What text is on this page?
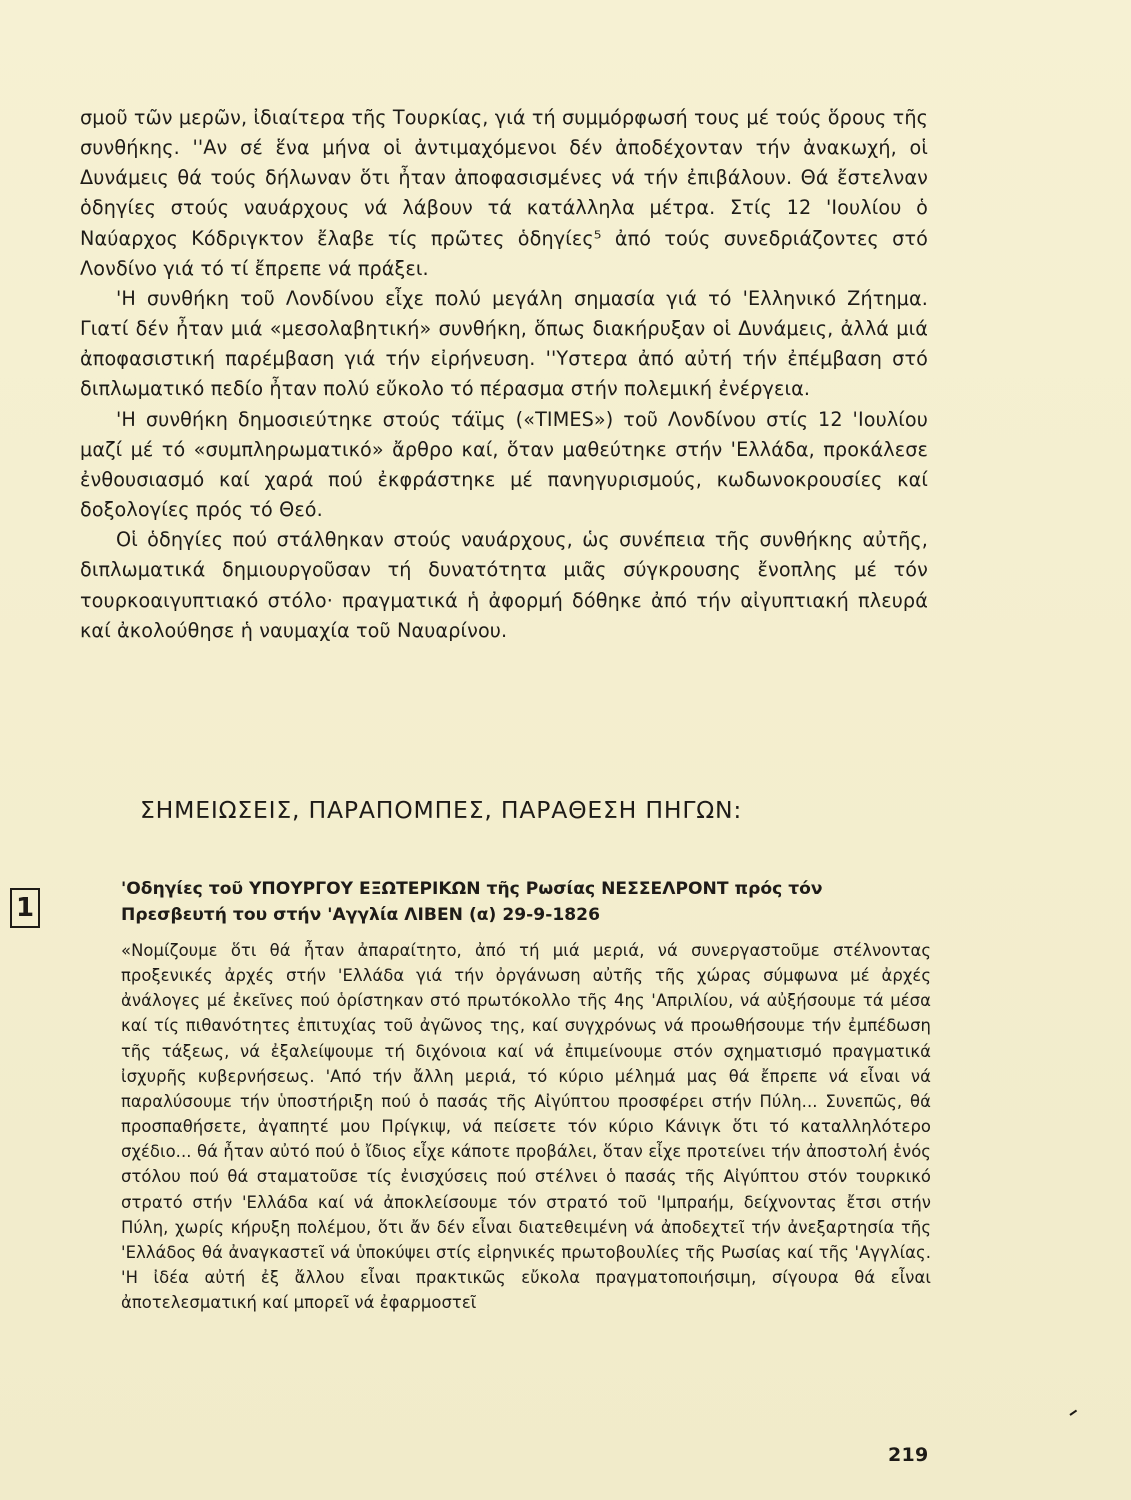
σμοῦ τῶν μερῶν, ἰδιαίτερα τῆς Τουρκίας, γιά τή συμμόρφωσή τους μέ τούς ὅρους τῆς συνθήκης. ''Αν σέ ἕνα μήνα οἱ ἀντιμαχόμενοι δέν ἀποδέχονταν τήν ἀνακωχή, οἱ Δυνάμεις θά τούς δήλωναν ὅτι ἦταν ἀποφασισμένες νά τήν ἐπιβάλουν. Θά ἔστελναν ὁδηγίες στούς ναυάρχους νά λάβουν τά κατάλληλα μέτρα. Στίς 12 'Ιουλίου ὁ Ναύαρχος Κόδριγκτον ἔλαβε τίς πρῶτες ὁδηγίες⁵ ἀπό τούς συνεδριάζοντες στό Λονδίνο γιά τό τί ἔπρεπε νά πράξει.

'Η συνθήκη τοῦ Λονδίνου εἶχε πολύ μεγάλη σημασία γιά τό 'Ελληνικό Ζήτημα. Γιατί δέν ἦταν μιά «μεσολαβητική» συνθήκη, ὅπως διακήρυξαν οἱ Δυνάμεις, ἀλλά μιά ἀποφασιστική παρέμβαση γιά τήν εἰρήνευση. ''Υστερα ἀπό αὐτή τήν ἐπέμβαση στό διπλωματικό πεδίο ἦταν πολύ εὔκολο τό πέρασμα στήν πολεμική ἐνέργεια.

'Η συνθήκη δημοσιεύτηκε στούς τάϊμς («TIMES») τοῦ Λονδίνου στίς 12 'Ιουλίου μαζί μέ τό «συμπληρωματικό» ἄρθρο καί, ὅταν μαθεύτηκε στήν 'Ελλάδα, προκάλεσε ἐνθουσιασμό καί χαρά πού ἐκφράστηκε μέ πανηγυρισμούς, κωδωνοκρουσίες καί δοξολογίες πρός τό Θεό.

Οἱ ὁδηγίες πού στάλθηκαν στούς ναυάρχους, ὡς συνέπεια τῆς συνθήκης αὐτῆς, διπλωματικά δημιουργοῦσαν τή δυνατότητα μιᾶς σύγκρουσης ἔνοπλης μέ τόν τουρκοαιγυπτιακό στόλο· πραγματικά ἡ ἀφορμή δόθηκε ἀπό τήν αἰγυπτιακή πλευρά καί ἀκολούθησε ἡ ναυμαχία τοῦ Ναυαρίνου.

ΣΗΜΕΙΩΣΕΙΣ, ΠΑΡΑΠΟΜΠΕΣ, ΠΑΡΑΘΕΣΗ ΠΗΓΩΝ:
1
'Οδηγίες τοῦ ΥΠΟΥΡΓΟΥ ΕΞΩΤΕΡΙΚΩΝ τῆς Ρωσίας ΝΕΣΣΕΛΡΟΝΤ πρός τόν Πρεσβευτή του στήν 'Αγγλία ΛΙΒΕΝ (α) 29-9-1826
«Νομίζουμε ὅτι θά ἦταν ἀπαραίτητο, ἀπό τή μιά μεριά, νά συνεργαστοῦμε στέλνοντας προξενικές ἀρχές στήν 'Ελλάδα γιά τήν ὀργάνωση αὐτῆς τῆς χώρας σύμφωνα μέ ἀρχές ἀνάλογες μέ ἐκεῖνες πού ὁρίστηκαν στό πρωτόκολλο τῆς 4ης 'Απριλίου, νά αὐξήσουμε τά μέσα καί τίς πιθανότητες ἐπιτυχίας τοῦ ἀγῶνος της, καί συγχρόνως νά προωθήσουμε τήν ἐμπέδωση τῆς τάξεως, νά ἐξαλείψουμε τή διχόνοια καί νά ἐπιμείνουμε στόν σχηματισμό πραγματικά ἰσχυρῆς κυβερνήσεως. 'Από τήν ἄλλη μεριά, τό κύριο μέλημά μας θά ἔπρεπε νά εἶναι νά παραλύσουμε τήν ὑποστήριξη πού ὁ πασάς τῆς Αἰγύπτου προσφέρει στήν Πύλη... Συνεπῶς, θά προσπαθήσετε, ἀγαπητέ μου Πρίγκιψ, νά πείσετε τόν κύριο Κάνιγκ ὅτι τό καταλληλότερο σχέδιο... θά ἦταν αὐτό πού ὁ ἴδιος εἶχε κάποτε προβάλει, ὅταν εἶχε προτείνει τήν ἀποστολή ἑνός στόλου πού θά σταματοῦσε τίς ἐνισχύσεις πού στέλνει ὁ πασάς τῆς Αἰγύπτου στόν τουρκικό στρατό στήν 'Ελλάδα καί νά ἀποκλείσουμε τόν στρατό τοῦ 'Ιμπραήμ, δείχνοντας ἔτσι στήν Πύλη, χωρίς κήρυξη πολέμου, ὅτι ἄν δέν εἶναι διατεθειμένη νά ἀποδεχτεῖ τήν ἀνεξαρτησία τῆς 'Ελλάδος θά ἀναγκαστεῖ νά ὑποκύψει στίς εἰρηνικές πρωτοβουλίες τῆς Ρωσίας καί τῆς 'Αγγλίας. 'Η ἰδέα αὐτή ἐξ ἄλλου εἶναι πρακτικῶς εὔκολα πραγματοποιήσιμη, σίγουρα θά εἶναι ἀποτελεσματική καί μπορεῖ νά ἐφαρμοστεῖ
219
